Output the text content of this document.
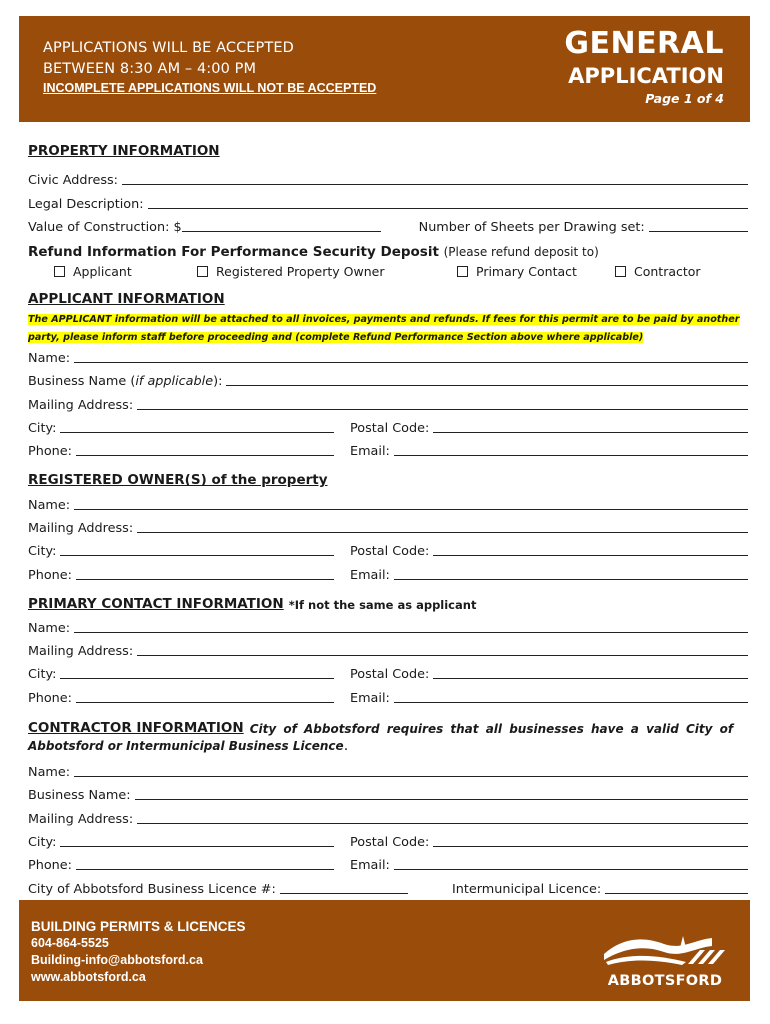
APPLICATIONS WILL BE ACCEPTED
BETWEEN 8:30 AM – 4:00 PM
INCOMPLETE APPLICATIONS WILL NOT BE ACCEPTED
GENERAL
APPLICATION
Page 1 of 4
PROPERTY INFORMATION
Civic Address:
Legal Description:
Value of Construction: $	Number of Sheets per Drawing set:
Refund Information For Performance Security Deposit (Please refund deposit to)
Applicant	Registered Property Owner	Primary Contact	Contractor
APPLICANT INFORMATION
The APPLICANT information will be attached to all invoices, payments and refunds. If fees for this permit are to be paid by another
party, please inform staff before proceeding and (complete Refund Performance Section above where applicable)
Name:
Business Name (if applicable):
Mailing Address:
City:	Postal Code:
Phone:	Email:
REGISTERED OWNER(S) of the property
Name:
Mailing Address:
City:	Postal Code:
Phone:	Email:
PRIMARY CONTACT INFORMATION *If not the same as applicant
Name:
Mailing Address:
City:	Postal Code:
Phone:	Email:
CONTRACTOR INFORMATION City of Abbotsford requires that all businesses have a valid City of
Abbotsford or Intermunicipal Business Licence.
Name:
Business Name:
Mailing Address:
City:	Postal Code:
Phone:	Email:
City of Abbotsford Business Licence #:	Intermunicipal Licence:
BUILDING PERMITS & LICENCES
604-864-5525
Building-info@abbotsford.ca
www.abbotsford.ca	ABBOTSFORD
